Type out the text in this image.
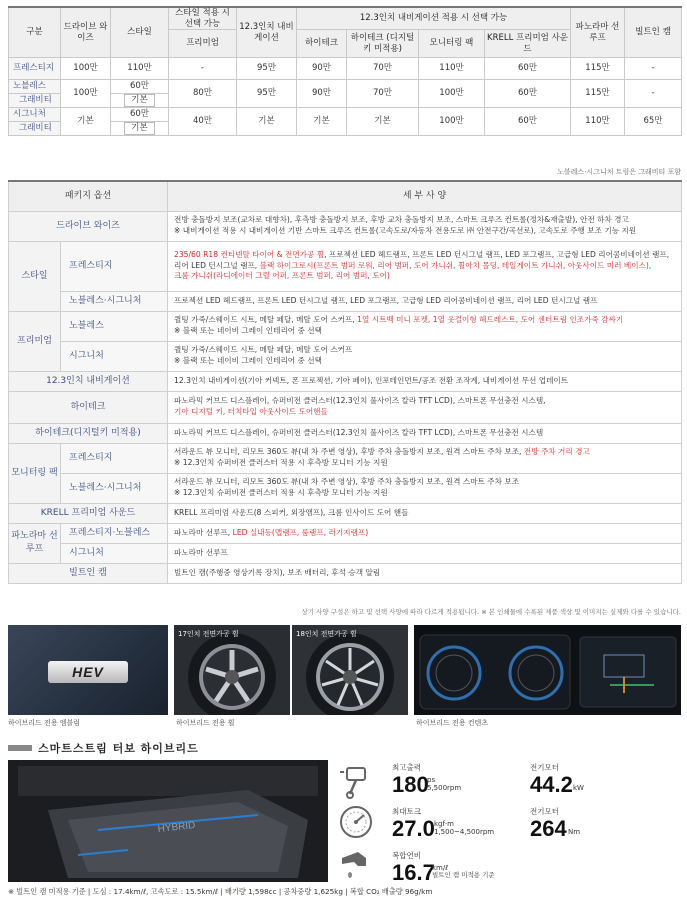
구분	드라이브 와이즈	스타일	스타일 적용 시 선택 가능	12.3인치 내비게이션	12.3인치 내비게이션 적용 시 선택 가능				파노라마 선루프	빌트인 캠
			프리미엄		하이테크	하이테크 (디지털 키 미적용)	모니터링 팩	KRELL 프리미엄 사운드		
프레스티지	100만	110만	-	95만	90만	70만	110만	60만	115만	-
노블레스	100만	60만	80만	95만	90만	70만	100만	60만	115만	-
그래비티		기본								
시그니처	기본	60만	40만	기본	기본	기본	100만	60만	110만	65만
그래비티		기본								
노블레스·시그니처 트림은 그래비티 포함
패키지 옵션		세 부 사 양
드라이브 와이즈		전방 충돌방지 보조(교차로 대향차), 후측방 충돌방지 보조, 후방 교차 충돌방지 보조, 스마트 크루즈 컨트롤(정차&재출발), 안전 하차 경고
※ 내비게이션 적용 시 내비게이션 기반 스마트 크루즈 컨트롤(고속도로/자동차 전용도로 ㈜ 안전구간/곡선로), 고속도로 주행 보조 기능 지원

스타일	프레스티지	235/60 R18 컨티넨탈 타이어 & 전면가공 휠, 프로젝션 LED 헤드램프, 프론트 LED 턴시그널 램프, LED 포그램프, 고급형 LED 리어콤비네이션 램프,
리어 LED 턴시그널 램프, 블랙 하이그로시(프론트 범퍼 로워, 리어 범퍼, 도어 가니쉬, 휠아치 몰딩, 테일게이트 가니쉬, 아웃사이드 미러 베이스),
크롬 가니쉬(라디에이터 그릴 어퍼, 프론트 범퍼, 리어 범퍼, 도어)
	노블레스·시그니처	프로젝션 LED 헤드램프, 프론트 LED 턴시그널 램프, LED 포그램프, 고급형 LED 리어콤비네이션 램프, 리어 LED 턴시그널 램프
프리미엄	노블레스	퀼팅 가죽/스웨이드 시트, 메탈 페달, 메탈 도어 스커프, 1열 시트백 미니 포켓, 1열 웃걸이형 헤드레스트, 도어 센터트림 인조가죽 감싸기
※ 블랙 또는 네이비 그레이 인테리어 중 선택
	시그니처	퀼팅 가죽/스웨이드 시트, 메탈 페달, 메탈 도어 스커프
※ 블랙 또는 네이비 그레이 인테리어 중 선택

12.3인치 내비게이션		12.3인치 내비게이션(기아 커넥트, 폰 프로젝션, 기아 페이), 인포테인먼트/공조 전환 조작계, 내비게이션 무선 업데이트
하이테크		파노라믹 커브드 디스플레이, 슈퍼비전 클러스터(12.3인치 풀사이즈 칼라 TFT LCD), 스마트폰 무선충전 시스템,
기아 디지털 키, 터치타입 아웃사이드 도어핸들

하이테크(디지털키 미적용)		파노라믹 커브드 디스플레이, 슈퍼비전 클러스터(12.3인치 풀사이즈 칼라 TFT LCD), 스마트폰 무선충전 시스템
모니터링 팩	프레스티지	서라운드 뷰 모니터, 리모트 360도 뷰(내 차 주변 영상), 후방 주차 충돌방지 보조, 원격 스마트 주차 보조, 전방 주차 거리 경고
※ 12.3인치 슈퍼비전 클러스터 적용 시 후측방 모니터 기능 지원
	노블레스·시그니처	서라운드 뷰 모니터, 리모트 360도 뷰(내 차 주변 영상), 후방 주차 충돌방지 보조, 원격 스마트 주차 보조
※ 12.3인치 슈퍼비전 클러스터 적용 시 후측방 모니터 기능 지원

KRELL 프리미엄 사운드		KRELL 프리미엄 사운드(8 스피커, 외장앰프), 크롬 인사이드 도어 핸들
파노라마 선루프	프레스티지·노블레스	파노라마 선루프, LED 실내등(맵램프, 룸램프, 러기지램프)
	시그니처	파노라마 선루프
빌트인 캠		빌트인 캠(주행중 영상기록 장치), 보조 배터리, 후석 승객 알림
상기 사양 구성은 하고 및 선택 사양에 따라 다르게 적용됩니다. ※ 본 인쇄물에 수록된 제품 색상 및 이미지는 실제와 다를 수 있습니다.
HEV
17인치 전면가공 휠	18인치 전면가공 휠
하이브리드 전용 엠블럼	하이브리드 전용 휠	하이브리드 전용 컨텐츠
스마트스트림 터보 하이브리드
HYBRID
최고출력
180
ps
5,500rpm
전기모터
44.2 kW
최대토크
27.0 kgf·m
1,500~4,500rpm
전기모터
264 Nm
복합연비
16.7
km/ℓ
빌트인 캠 미적용 기준
※ 빌트인 캠 미적용 기준 | 도심 : 17.4km/ℓ, 고속도로 : 15.5km/ℓ | 배기량 1,598cc | 공차중량 1,625kg | 복합 CO₂ 배출량 96g/km
